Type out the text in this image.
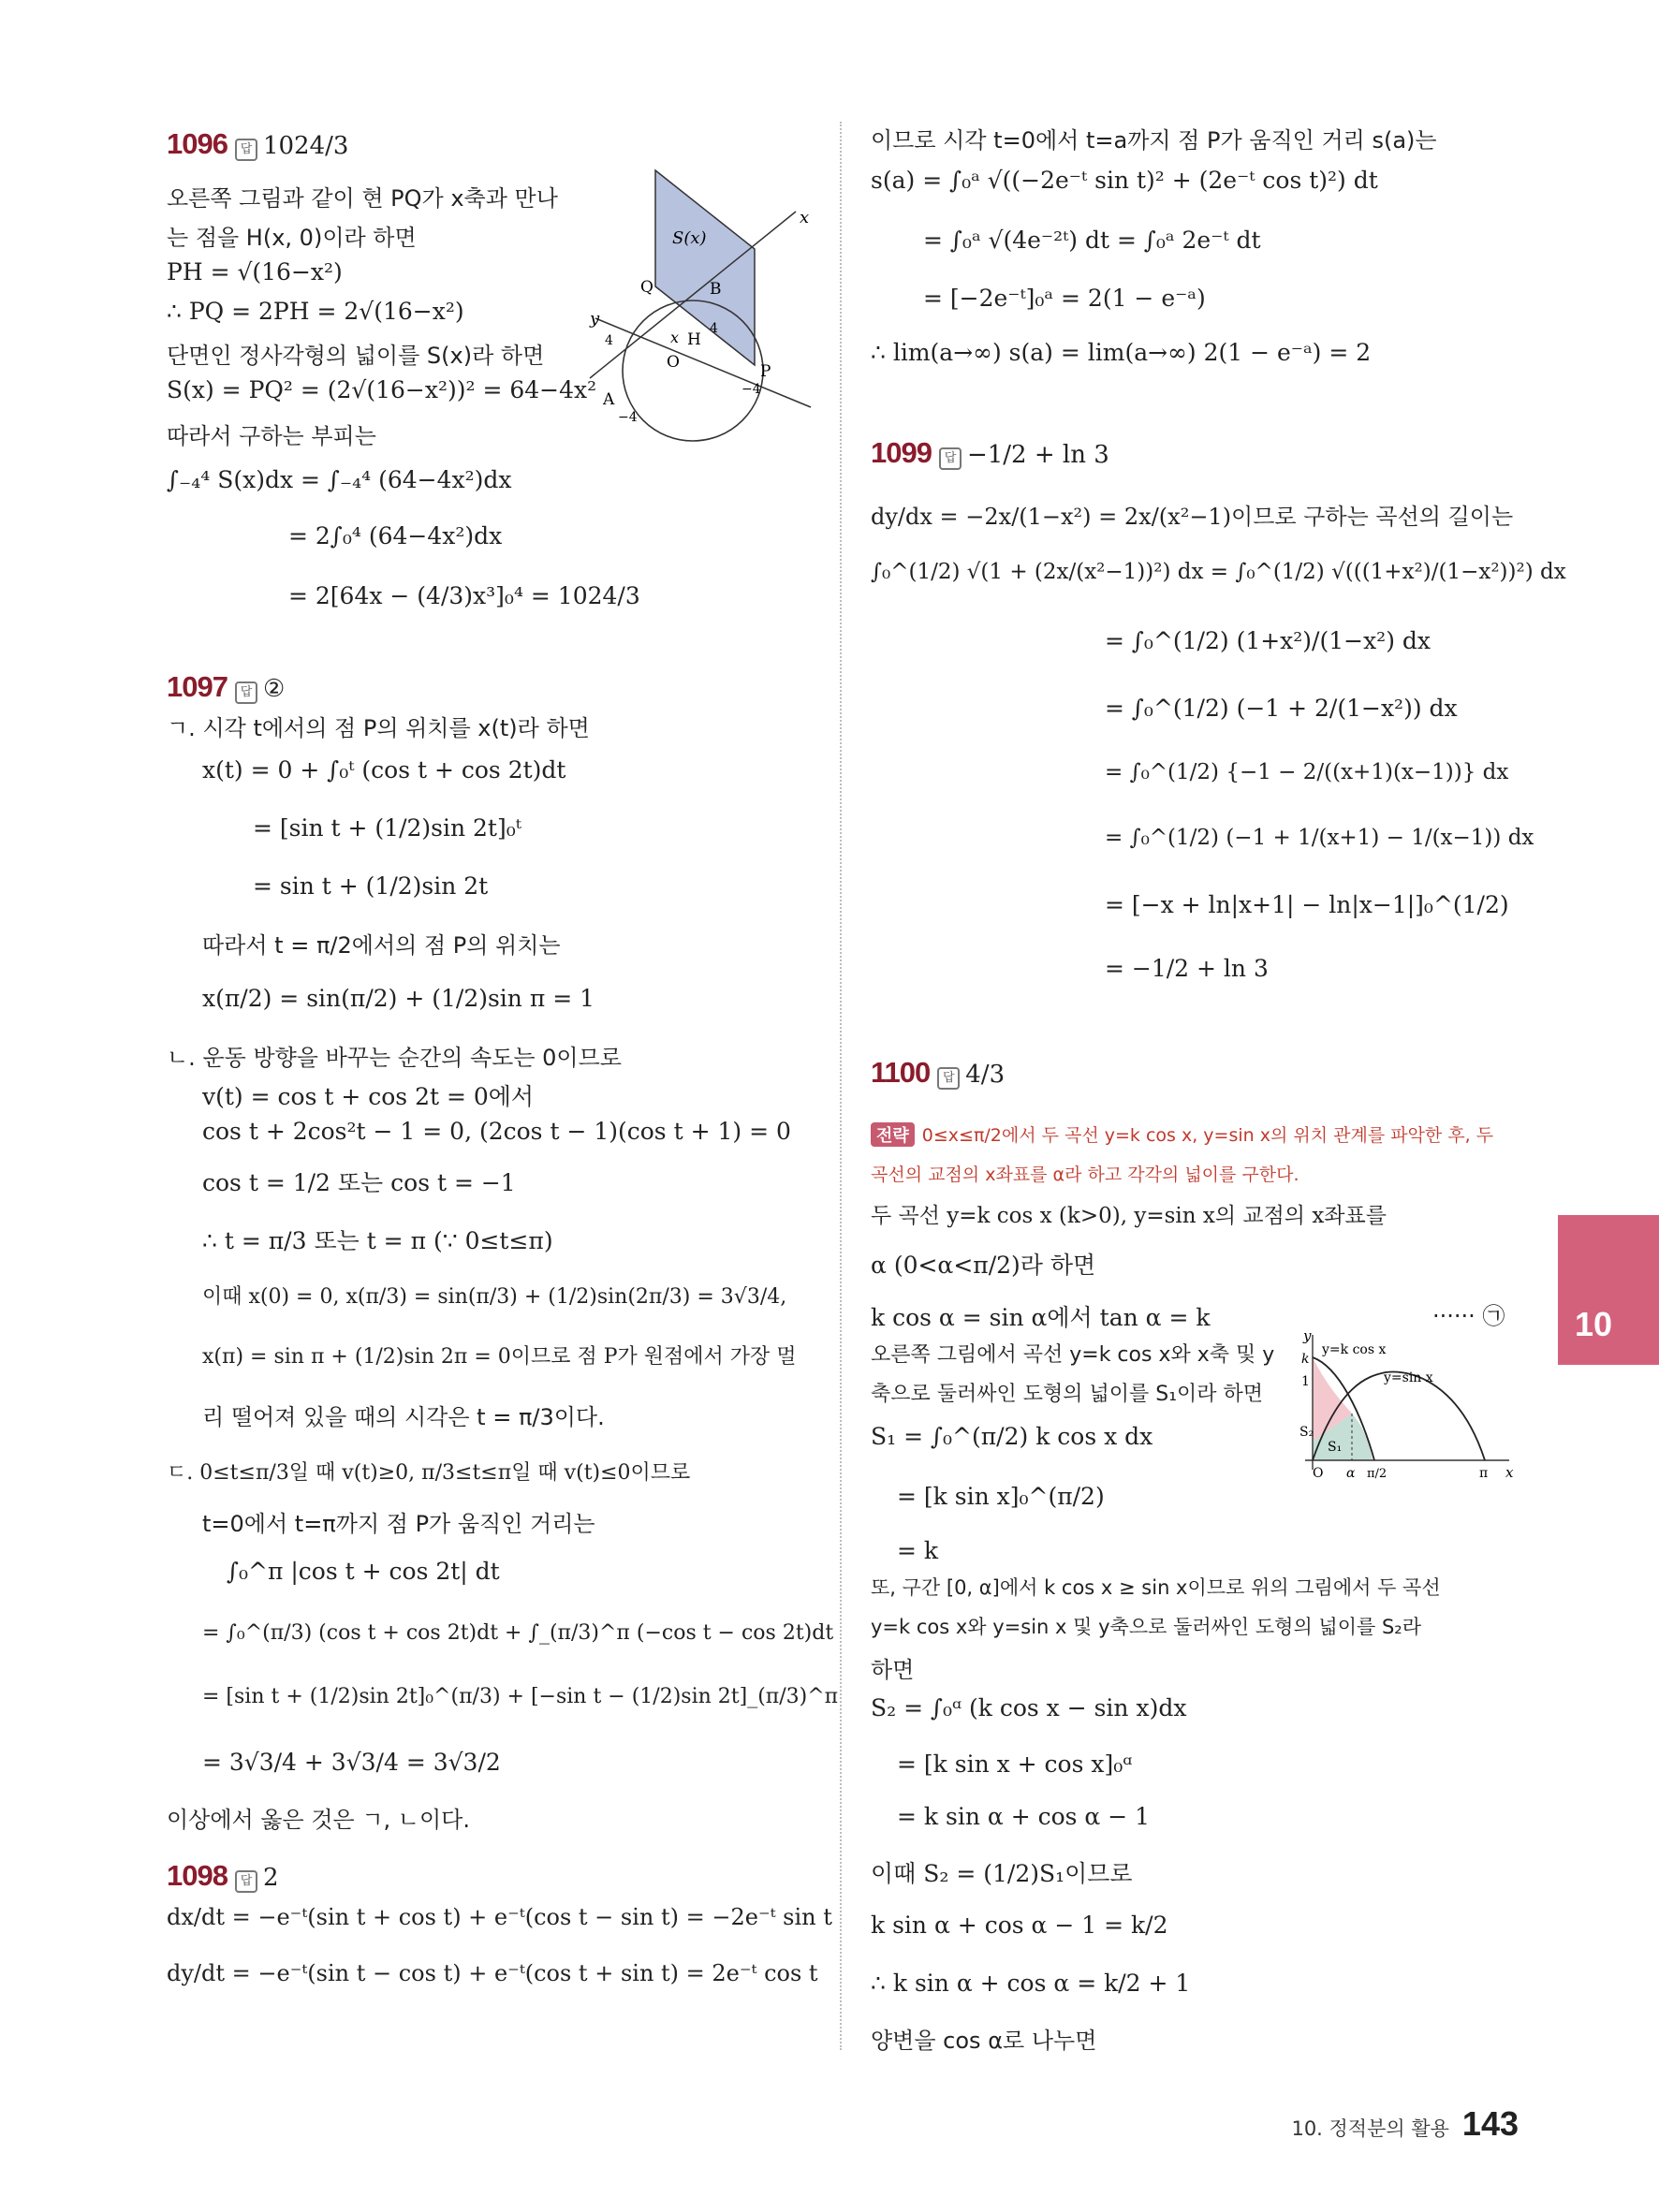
1096 답 1024/3
오른쪽 그림과 같이 현 PQ가 x축과 만나
는 점을 H(x, 0)이라 하면
PH = √(16−x²)
∴ PQ = 2PH = 2√(16−x²)
단면인 정사각형의 넓이를 S(x)라 하면
S(x) = PQ² = (2√(16−x²))² = 64−4x²
따라서 구하는 부피는
∫₋₄⁴ S(x)dx = ∫₋₄⁴ (64−4x²)dx
= 2∫₀⁴ (64−4x²)dx
= 2[64x − (4/3)x³]₀⁴ = 1024/3
S(x)
x
y
Q	B
4
4
H
x
O	P
A
−4
−4
1097 답 ②
ㄱ. 시각 t에서의 점 P의 위치를 x(t)라 하면
x(t) = 0 + ∫₀ᵗ (cos t + cos 2t)dt
= [sin t + (1/2)sin 2t]₀ᵗ
= sin t + (1/2)sin 2t
따라서 t = π/2에서의 점 P의 위치는
x(π/2) = sin(π/2) + (1/2)sin π = 1
ㄴ. 운동 방향을 바꾸는 순간의 속도는 0이므로
v(t) = cos t + cos 2t = 0에서
cos t + 2cos²t − 1 = 0, (2cos t − 1)(cos t + 1) = 0
cos t = 1/2 또는 cos t = −1
∴ t = π/3 또는 t = π (∵ 0≤t≤π)
이때 x(0) = 0, x(π/3) = sin(π/3) + (1/2)sin(2π/3) = 3√3/4,
x(π) = sin π + (1/2)sin 2π = 0이므로 점 P가 원점에서 가장 멀
리 떨어져 있을 때의 시각은 t = π/3이다.
ㄷ. 0≤t≤π/3일 때 v(t)≥0, π/3≤t≤π일 때 v(t)≤0이므로
t=0에서 t=π까지 점 P가 움직인 거리는
∫₀^π |cos t + cos 2t| dt
= ∫₀^(π/3) (cos t + cos 2t)dt + ∫_(π/3)^π (−cos t − cos 2t)dt
= [sin t + (1/2)sin 2t]₀^(π/3) + [−sin t − (1/2)sin 2t]_(π/3)^π
= 3√3/4 + 3√3/4 = 3√3/2
이상에서 옳은 것은 ㄱ, ㄴ이다.
1098 답 2
dx/dt = −e⁻ᵗ(sin t + cos t) + e⁻ᵗ(cos t − sin t) = −2e⁻ᵗ sin t
dy/dt = −e⁻ᵗ(sin t − cos t) + e⁻ᵗ(cos t + sin t) = 2e⁻ᵗ cos t
이므로 시각 t=0에서 t=a까지 점 P가 움직인 거리 s(a)는
s(a) = ∫₀ᵃ √((−2e⁻ᵗ sin t)² + (2e⁻ᵗ cos t)²) dt
= ∫₀ᵃ √(4e⁻²ᵗ) dt = ∫₀ᵃ 2e⁻ᵗ dt
= [−2e⁻ᵗ]₀ᵃ = 2(1 − e⁻ᵃ)
∴ lim(a→∞) s(a) = lim(a→∞) 2(1 − e⁻ᵃ) = 2
1099 답 −1/2 + ln 3
dy/dx = −2x/(1−x²) = 2x/(x²−1)이므로 구하는 곡선의 길이는
∫₀^(1/2) √(1 + (2x/(x²−1))²) dx = ∫₀^(1/2) √(((1+x²)/(1−x²))²) dx
= ∫₀^(1/2) (1+x²)/(1−x²) dx
= ∫₀^(1/2) (−1 + 2/(1−x²)) dx
= ∫₀^(1/2) {−1 − 2/((x+1)(x−1))} dx
= ∫₀^(1/2) (−1 + 1/(x+1) − 1/(x−1)) dx
= [−x + ln|x+1| − ln|x−1|]₀^(1/2)
= −1/2 + ln 3
1100 답 4/3
전략 0≤x≤π/2에서 두 곡선 y=k cos x, y=sin x의 위치 관계를 파악한 후, 두
곡선의 교점의 x좌표를 α라 하고 각각의 넓이를 구한다.
두 곡선 y=k cos x (k>0), y=sin x의 교점의 x좌표를
α (0<α<π/2)라 하면
k cos α = sin α에서 tan α = k	······ ㉠
오른쪽 그림에서 곡선 y=k cos x와 x축 및 y
축으로 둘러싸인 도형의 넓이를 S₁이라 하면
S₁ = ∫₀^(π/2) k cos x dx
= [k sin x]₀^(π/2)
= k
또, 구간 [0, α]에서 k cos x ≥ sin x이므로 위의 그림에서 두 곡선
y=k cos x와 y=sin x 및 y축으로 둘러싸인 도형의 넓이를 S₂라
하면
S₂ = ∫₀ᵅ (k cos x − sin x)dx
= [k sin x + cos x]₀ᵅ
= k sin α + cos α − 1
이때 S₂ = (1/2)S₁이므로
k sin α + cos α − 1 = k/2
∴ k sin α + cos α = k/2 + 1
양변을 cos α로 나누면
y
x
k
1
y=k cos x
y=sin x
S₂
S₁
O α π/2	π
10
10. 정적분의 활용 143
